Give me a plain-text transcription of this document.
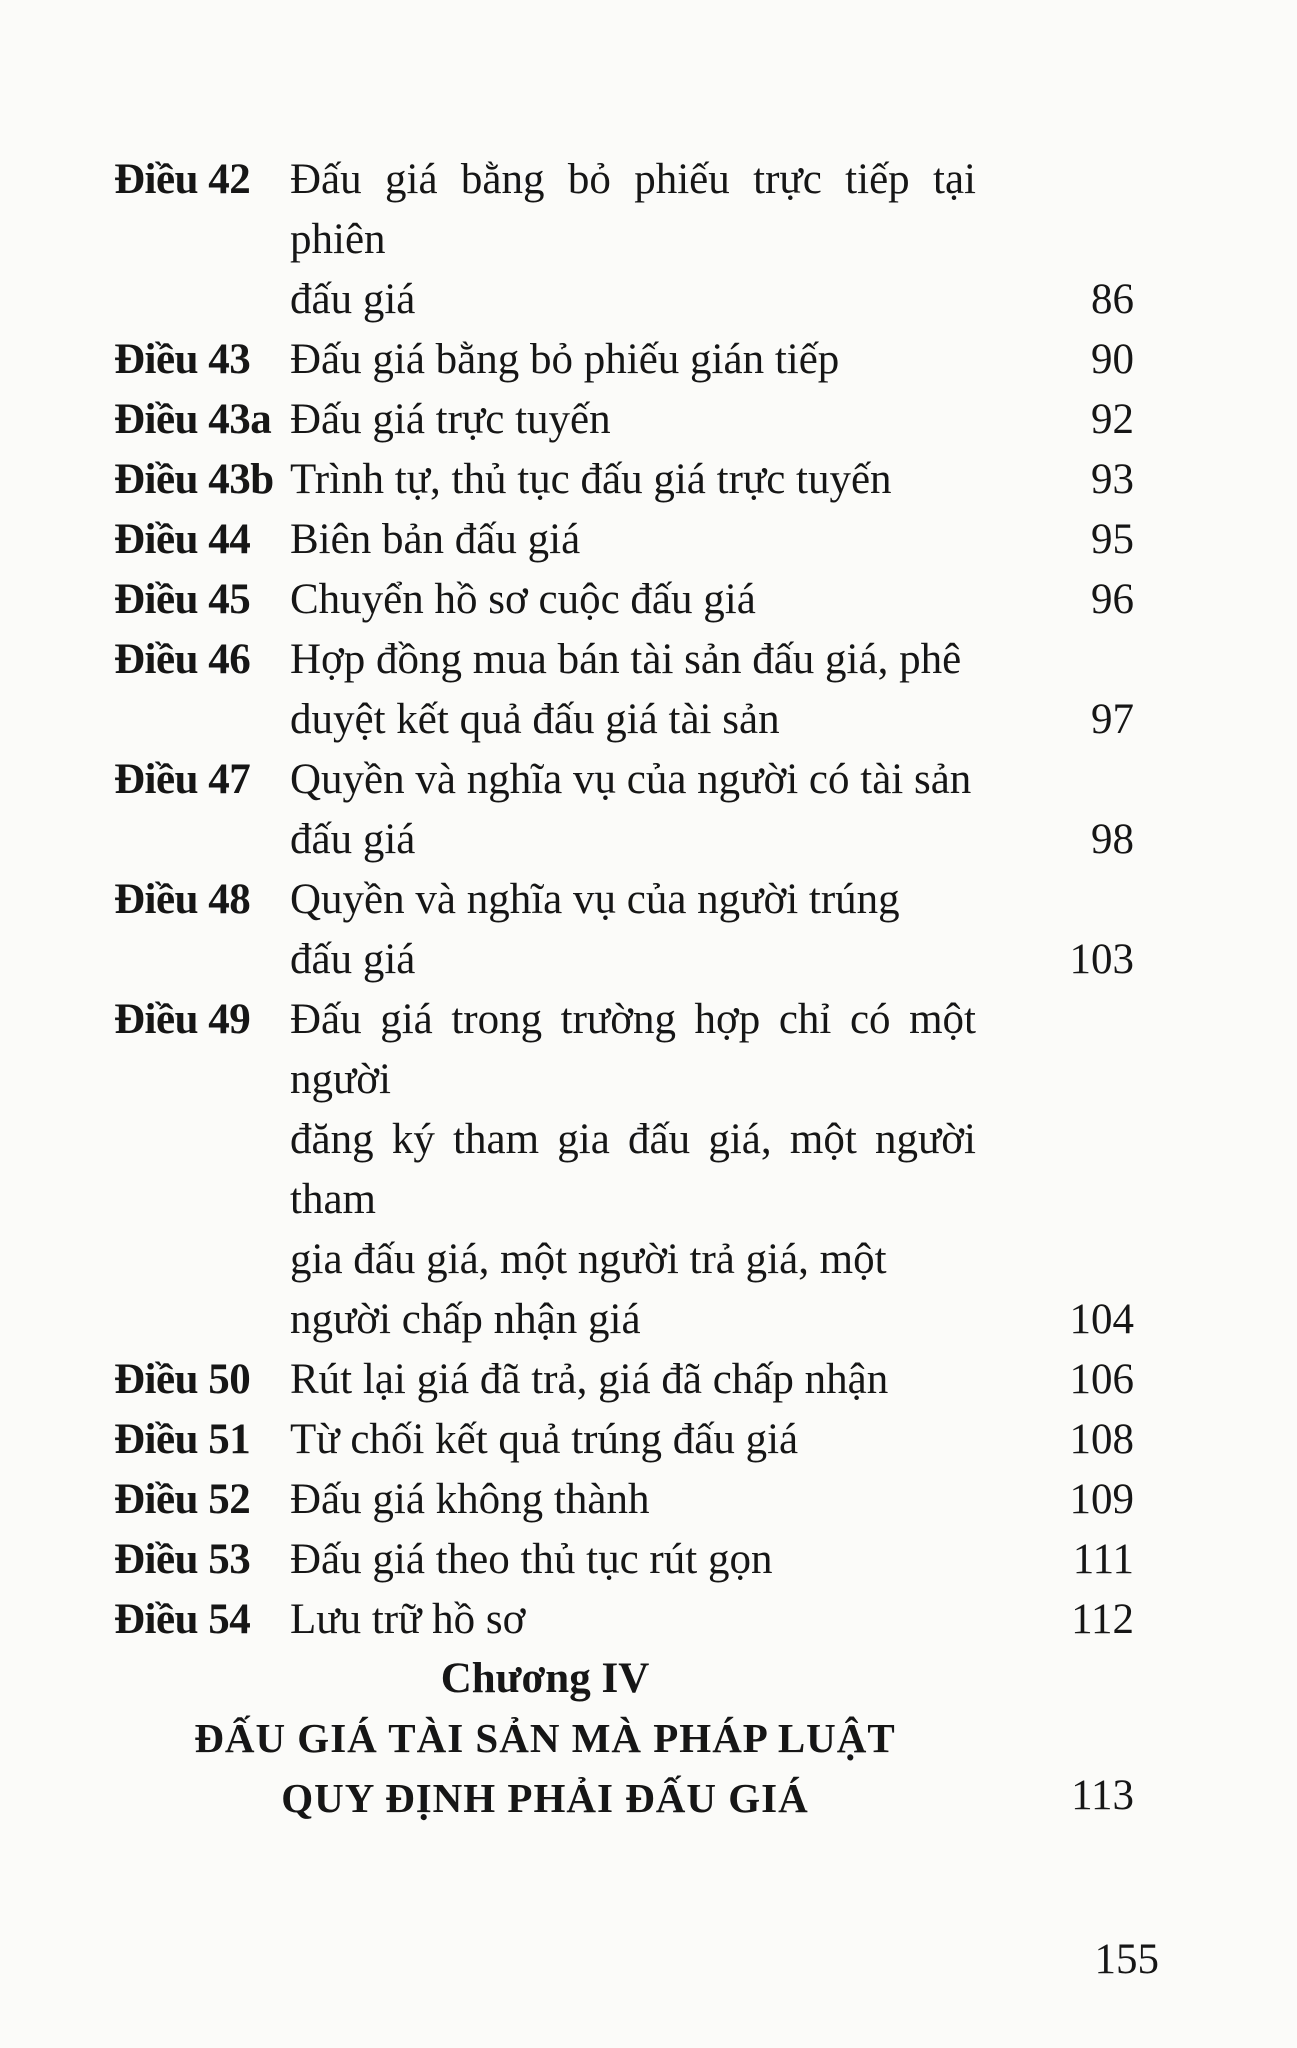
Điều 42 Đấu giá bằng bỏ phiếu trực tiếp tại phiên
đấu giá	86
Điều 43 Đấu giá bằng bỏ phiếu gián tiếp	90
Điều 43a Đấu giá trực tuyến	92
Điều 43b Trình tự, thủ tục đấu giá trực tuyến	93
Điều 44 Biên bản đấu giá	95
Điều 45 Chuyển hồ sơ cuộc đấu giá	96
Điều 46 Hợp đồng mua bán tài sản đấu giá, phê
duyệt kết quả đấu giá tài sản	97
Điều 47 Quyền và nghĩa vụ của người có tài sản
đấu giá	98
Điều 48 Quyền và nghĩa vụ của người trúng
đấu giá	103
Điều 49 Đấu giá trong trường hợp chỉ có một người
đăng ký tham gia đấu giá, một người tham
gia đấu giá, một người trả giá, một
người chấp nhận giá	104
Điều 50 Rút lại giá đã trả, giá đã chấp nhận	106
Điều 51 Từ chối kết quả trúng đấu giá	108
Điều 52 Đấu giá không thành	109
Điều 53 Đấu giá theo thủ tục rút gọn	111
Điều 54 Lưu trữ hồ sơ	112
Chương IV
ĐẤU GIÁ TÀI SẢN MÀ PHÁP LUẬT
QUY ĐỊNH PHẢI ĐẤU GIÁ	113
155
